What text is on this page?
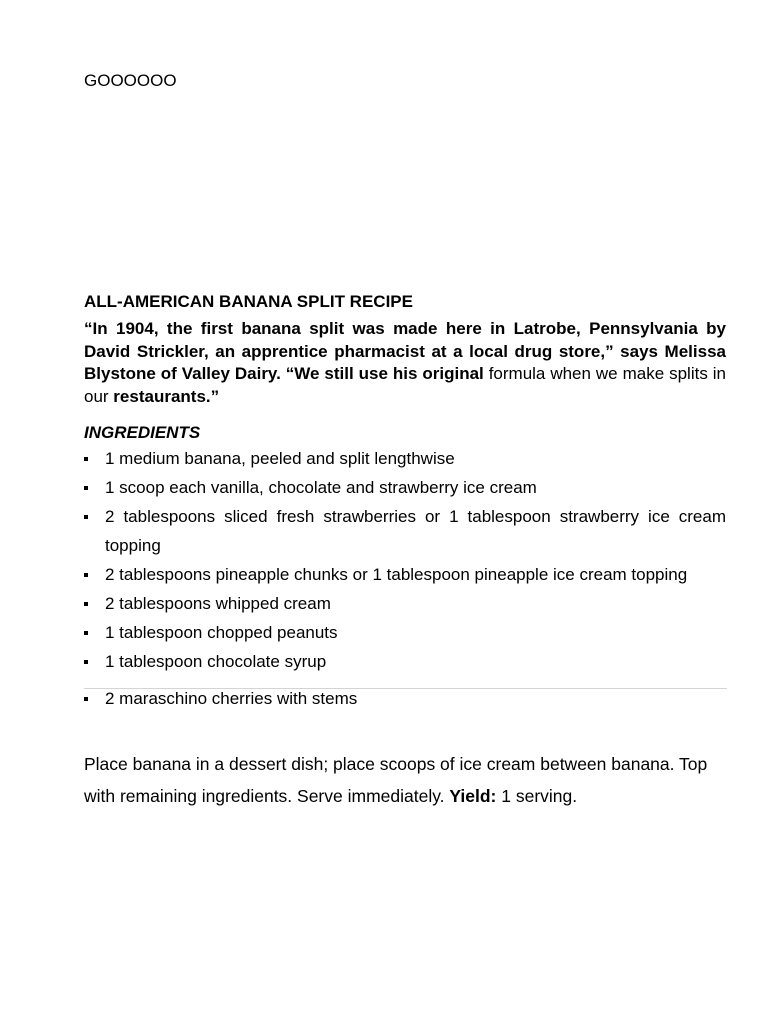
GOOOOOO
ALL-AMERICAN BANANA SPLIT RECIPE
“In 1904, the first banana split was made here in Latrobe, Pennsylvania by David Strickler, an apprentice pharmacist at a local drug store,” says Melissa Blystone of Valley Dairy. “We still use his original formula when we make splits in our restaurants.”
INGREDIENTS
1 medium banana, peeled and split lengthwise
1 scoop each vanilla, chocolate and strawberry ice cream
2 tablespoons sliced fresh strawberries or 1 tablespoon strawberry ice cream topping
2 tablespoons pineapple chunks or 1 tablespoon pineapple ice cream topping
2 tablespoons whipped cream
1 tablespoon chopped peanuts
1 tablespoon chocolate syrup
2 maraschino cherries with stems
Place banana in a dessert dish; place scoops of ice cream between banana. Top with remaining ingredients. Serve immediately. Yield: 1 serving.
